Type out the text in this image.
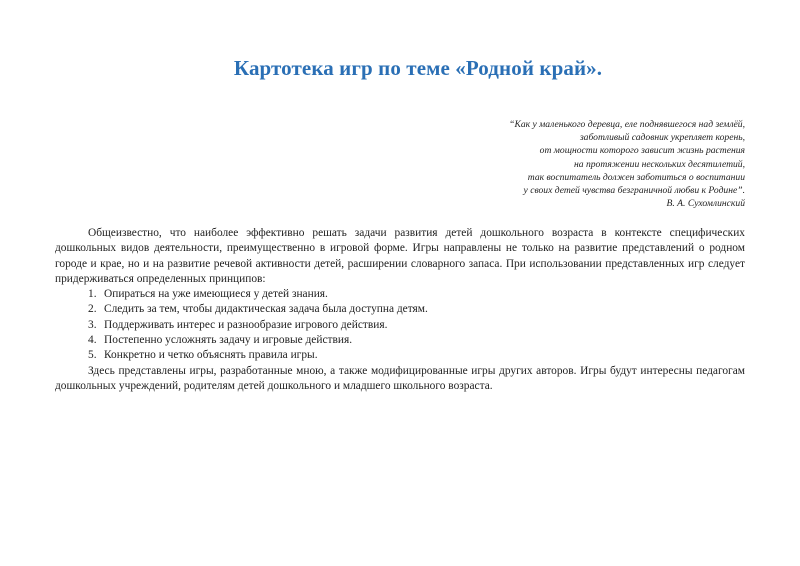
Картотека игр по теме «Родной край».
“Как у маленького деревца, еле поднявшегося над землёй,
заботливый садовник укрепляет корень,
от мощности которого зависит жизнь растения
на протяжении нескольких десятилетий,
так воспитатель должен заботиться о воспитании
у своих детей чувства безграничной любви к Родине”.
В. А. Сухомлинский

Общеизвестно, что наиболее эффективно решать задачи развития детей дошкольного возраста в контексте специфических дошкольных видов деятельности, преимущественно в игровой форме. Игры направлены не только на развитие представлений о родном городе и крае, но и на развитие речевой активности детей, расширении словарного запаса. При использовании представленных игр следует придерживаться определенных принципов:

1. Опираться на уже имеющиеся у детей знания.
2. Следить за тем, чтобы дидактическая задача была доступна детям.
3. Поддерживать интерес и разнообразие игрового действия.
4. Постепенно усложнять задачу и игровые действия.
5. Конкретно и четко объяснять правила игры.

Здесь представлены игры, разработанные мною, а также модифицированные игры других авторов. Игры будут интересны педагогам дошкольных учреждений, родителям детей дошкольного и младшего школьного возраста.
